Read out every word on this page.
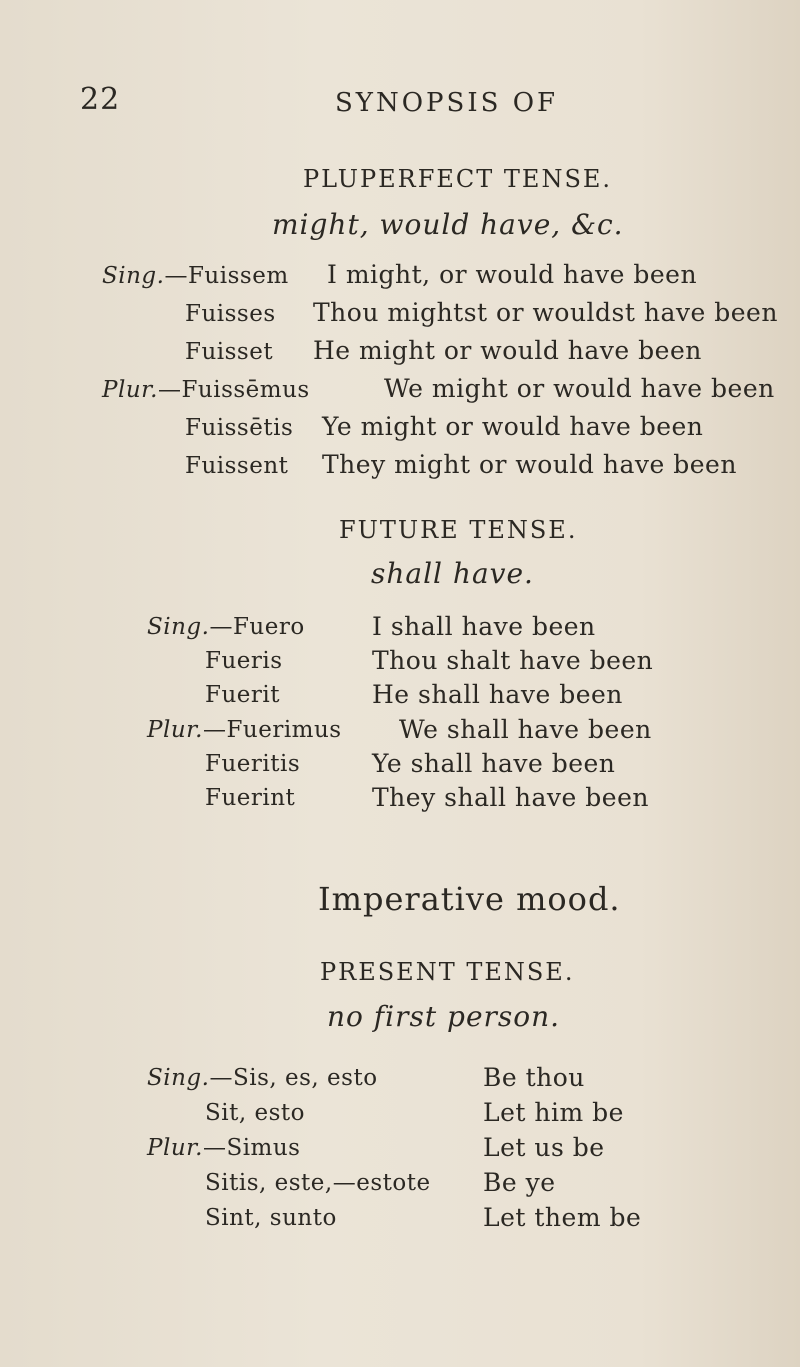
22	SYNOPSIS OF
PLUPERFECT TENSE.
might, would have, &c.
Sing.—Fuissem I might, or would have been
Fuisses Thou mightst or wouldst have been
Fuisset He might or would have been
Plur.—Fuissēmus	We might or would have been
Fuissētis Ye might or would have been
Fuissent They might or would have been
FUTURE TENSE.
shall have.
Sing.—Fuero	I shall have been
Fueris	Thou shalt have been
Fuerit	He shall have been
Plur.—Fuerimus We shall have been
Fueritis	Ye shall have been
Fuerint	They shall have been
Imperative mood.
PRESENT TENSE.
no first person.
Sing.—Sis, es, esto	Be thou
Sit, esto	Let him be
Plur.—Simus	Let us be
Sitis, este,—estote Be ye
Sint, sunto	Let them be
